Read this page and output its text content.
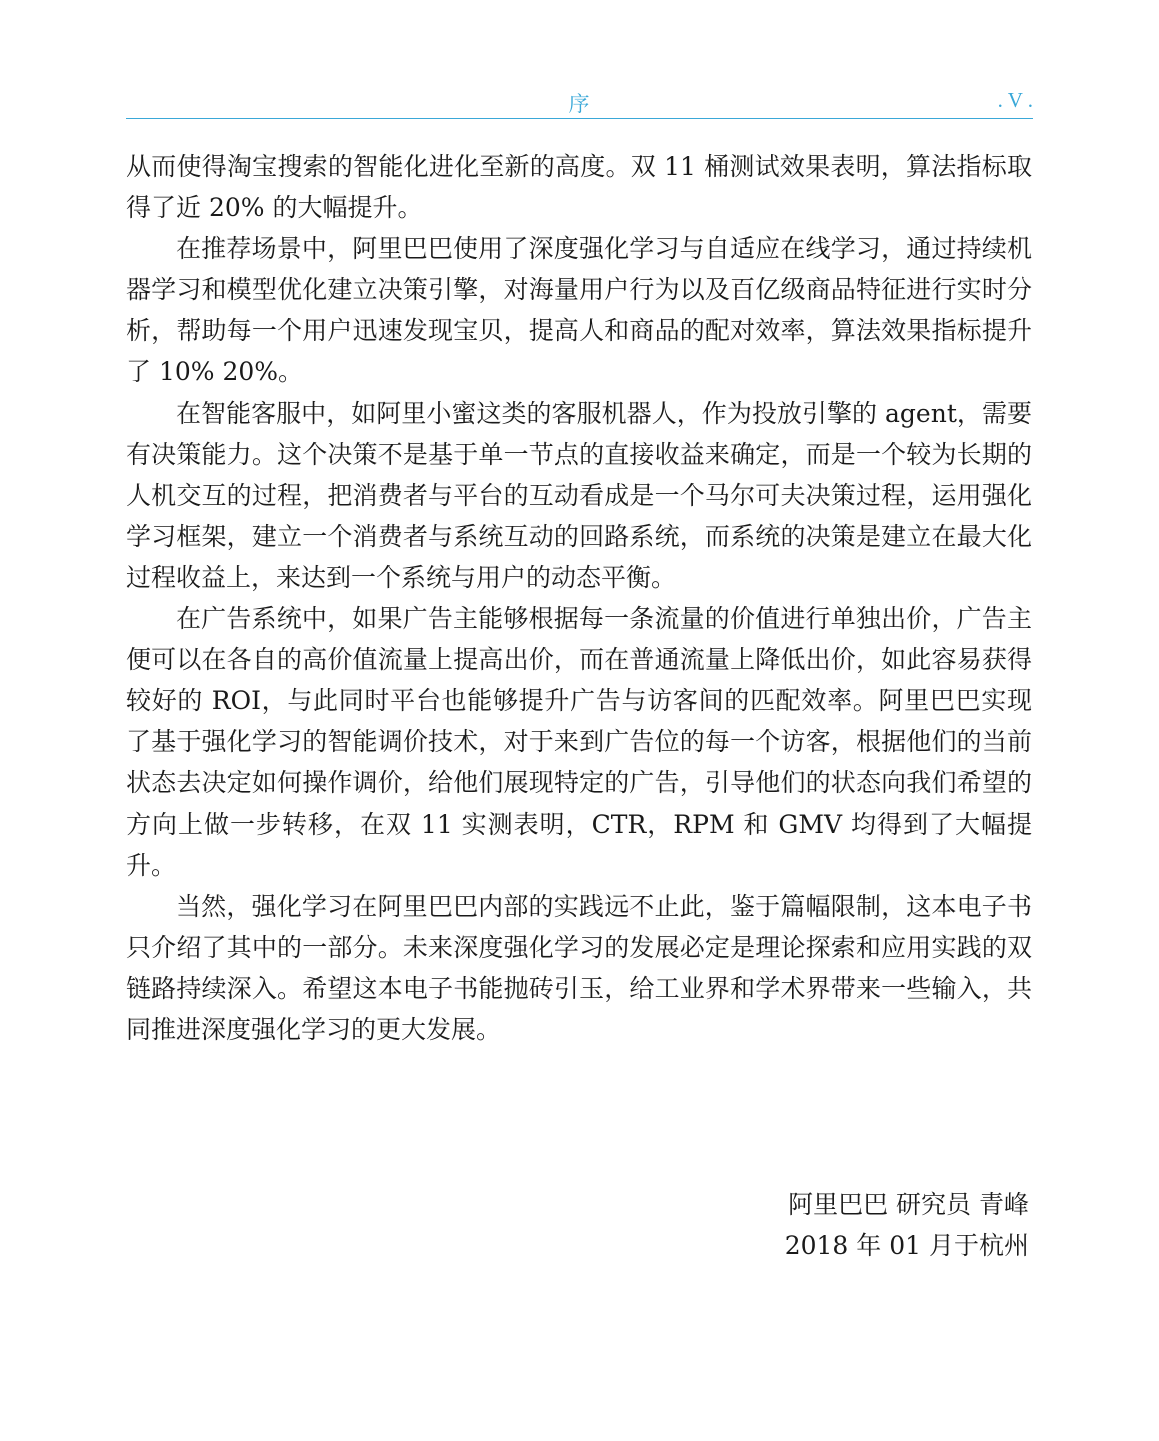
序	. V .

从而使得淘宝搜索的智能化进化至新的高度。双 11 桶测试效果表明，算法指标取得了近 20% 的大幅提升。

在推荐场景中，阿里巴巴使用了深度强化学习与自适应在线学习，通过持续机器学习和模型优化建立决策引擎，对海量用户行为以及百亿级商品特征进行实时分析，帮助每一个用户迅速发现宝贝，提高人和商品的配对效率，算法效果指标提升了 10% 20%。

在智能客服中，如阿里小蜜这类的客服机器人，作为投放引擎的 agent，需要有决策能力。这个决策不是基于单一节点的直接收益来确定，而是一个较为长期的人机交互的过程，把消费者与平台的互动看成是一个马尔可夫决策过程，运用强化学习框架，建立一个消费者与系统互动的回路系统，而系统的决策是建立在最大化过程收益上，来达到一个系统与用户的动态平衡。

在广告系统中，如果广告主能够根据每一条流量的价值进行单独出价，广告主便可以在各自的高价值流量上提高出价，而在普通流量上降低出价，如此容易获得较好的 ROI，与此同时平台也能够提升广告与访客间的匹配效率。阿里巴巴实现了基于强化学习的智能调价技术，对于来到广告位的每一个访客，根据他们的当前状态去决定如何操作调价，给他们展现特定的广告，引导他们的状态向我们希望的方向上做一步转移，在双 11 实测表明，CTR，RPM 和 GMV 均得到了大幅提升。

当然，强化学习在阿里巴巴内部的实践远不止此，鉴于篇幅限制，这本电子书只介绍了其中的一部分。未来深度强化学习的发展必定是理论探索和应用实践的双链路持续深入。希望这本电子书能抛砖引玉，给工业界和学术界带来一些输入，共同推进深度强化学习的更大发展。

阿里巴巴 研究员 青峰
2018 年 01 月于杭州
